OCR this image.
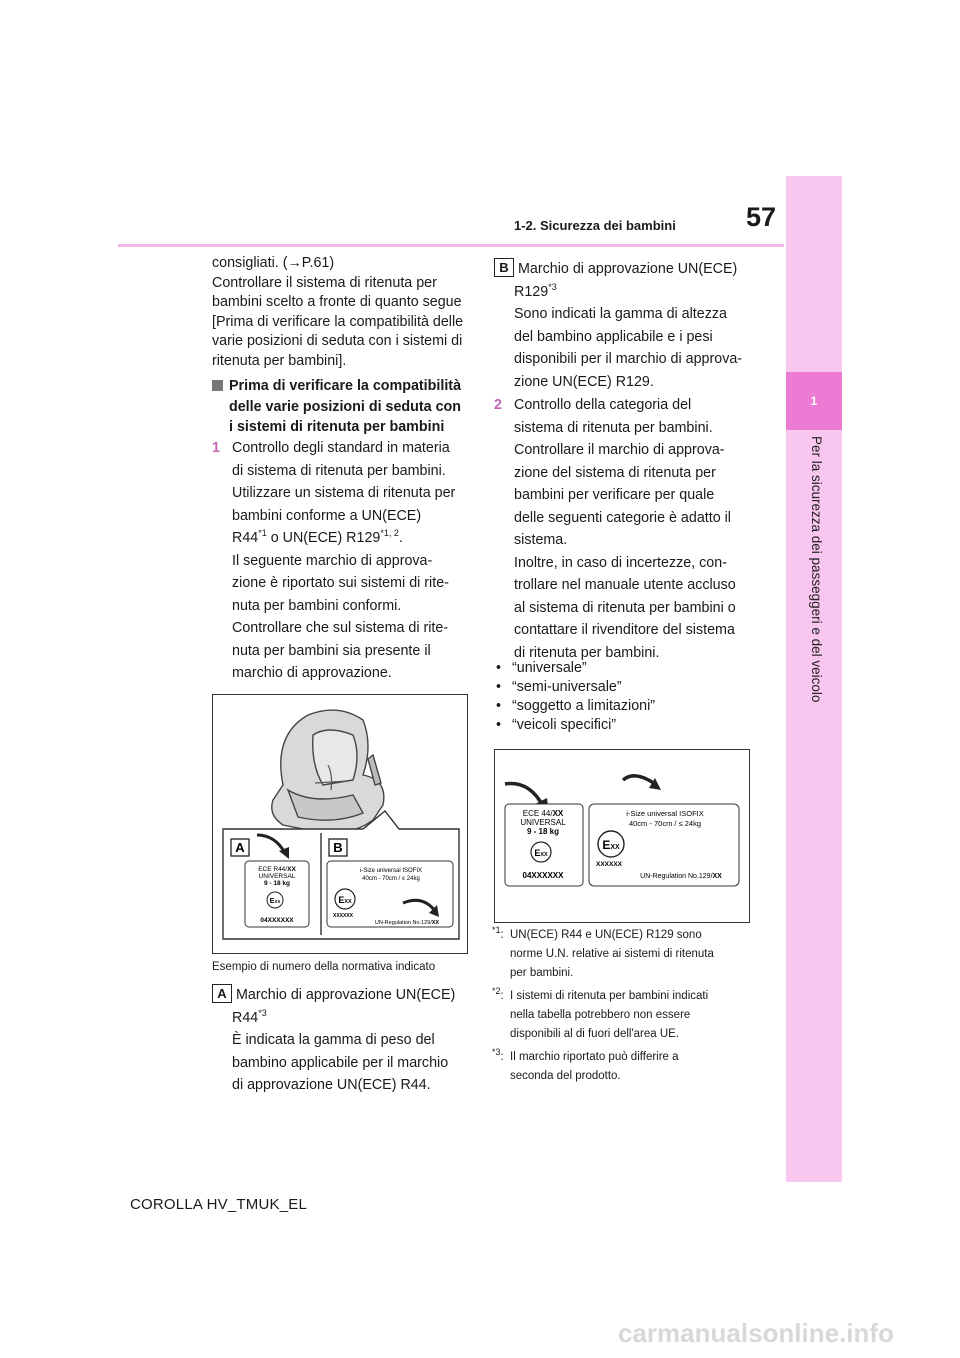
1
Per la sicurezza dei passeggeri e del veicolo
57
1-2. Sicurezza dei bambini

consigliati. (→P.61)

Controllare il sistema di ritenuta per

bambini scelto a fronte di quanto segue

[Prima di verificare la compatibilità delle

varie posizioni di seduta con i sistemi di

ritenuta per bambini].

Prima di verificare la compatibilità

delle varie posizioni di seduta con

i sistemi di ritenuta per bambini

1 Controllo degli standard in materia

di sistema di ritenuta per bambini.

Utilizzare un sistema di ritenuta per

bambini conforme a UN(ECE)

R44$^{*1}$ o UN(ECE) R129$^{*1, 2}$.

Il seguente marchio di approva-

zione è riportato sui sistemi di rite-

nuta per bambini conformi.

Controllare che sul sistema di rite-

nuta per bambini sia presente il

marchio di approvazione.

A	B
ECE R44/XX
UNIVERSAL
9 - 18 kg
EXX
04XXXXXX
i-Size universal ISOFIX
40cm - 70cm / ≤ 24kg
EXX
XXXXXX
UN-Regulation No.129/XX
Esempio di numero della normativa indicato

A Marchio di approvazione UN(ECE)

R44$^{*3}$

È indicata la gamma di peso del

bambino applicabile per il marchio

di approvazione UN(ECE) R44.

B Marchio di approvazione UN(ECE)

R129$^{*3}$

Sono indicati la gamma di altezza

del bambino applicabile e i pesi

disponibili per il marchio di approva-

zione UN(ECE) R129.

2 Controllo della categoria del

sistema di ritenuta per bambini.

Controllare il marchio di approva-

zione del sistema di ritenuta per

bambini per verificare per quale

delle seguenti categorie è adatto il

sistema.

Inoltre, in caso di incertezze, con-

trollare nel manuale utente accluso

al sistema di ritenuta per bambini o

contattare il rivenditore del sistema

di ritenuta per bambini.

• “universale”
• “semi-universale”
• “soggetto a limitazioni”
• “veicoli specifici”
ECE 44/XX
UNIVERSAL
9 - 18 kg
EXX
04XXXXXX
i-Size universal ISOFIX
40cm - 70cm / ≤ 24kg
EXX
XXXXXX
UN-Regulation No.129/XX
$^{*1}$: UN(ECE) R44 e UN(ECE) R129 sono
norme U.N. relative ai sistemi di ritenuta
per bambini.
$^{*2}$: I sistemi di ritenuta per bambini indicati
nella tabella potrebbero non essere
disponibili al di fuori dell'area UE.
$^{*3}$: Il marchio riportato può differire a
seconda del prodotto.
COROLLA HV_TMUK_EL
carmanualsonline.info
